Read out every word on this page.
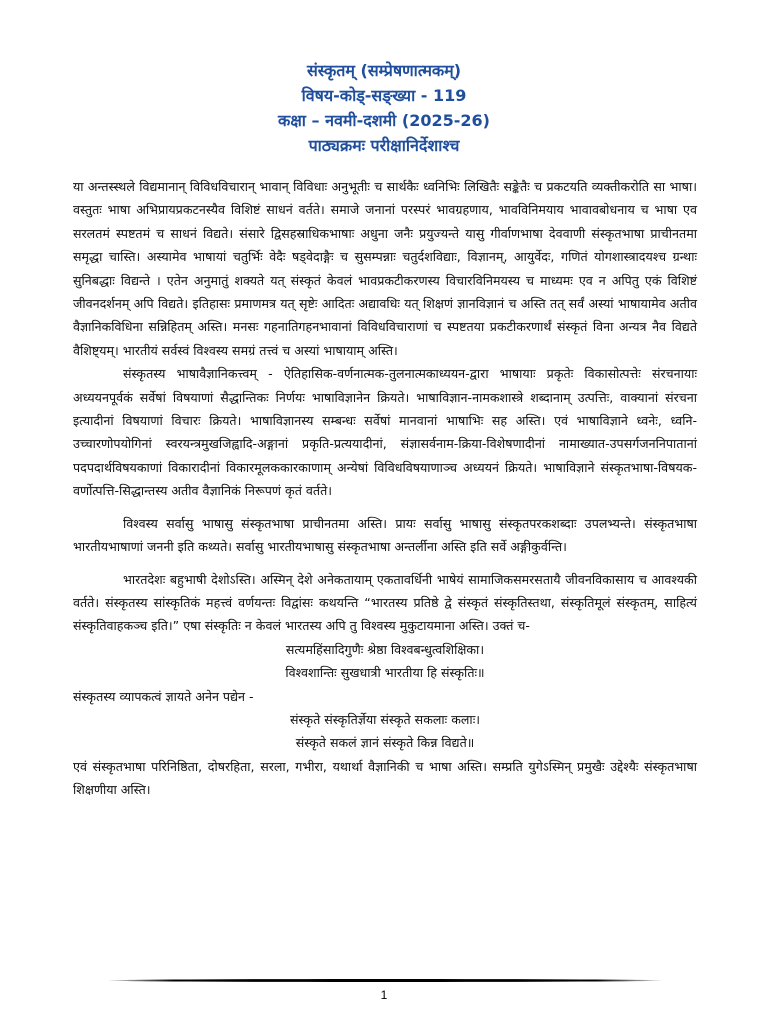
संस्कृतम् (सम्प्रेषणात्मकम्)
विषय-कोड्-सङ्ख्या - 119
कक्षा – नवमी-दशमी (2025-26)
पाठ्यक्रमः परीक्षानिर्देशाश्च

या अन्तस्स्थले विद्यमानान् विविधविचारान् भावान् विविधाः अनुभूतीः च सार्थकैः ध्वनिभिः लिखितैः सङ्केतैः च प्रकटयति व्यक्तीकरोति सा भाषा। वस्तुतः भाषा अभिप्रायप्रकटनस्यैव विशिष्टं साधनं वर्तते। समाजे जनानां परस्परं भावग्रहणाय, भावविनिमयाय भावावबोधनाय च भाषा एव सरलतमं स्पष्टतमं च साधनं विद्यते। संसारे द्विसहस्राधिकभाषाः अधुना जनैः प्रयुज्यन्ते यासु गीर्वाणभाषा देववाणी संस्कृतभाषा प्राचीनतमा समृद्धा चास्ति। अस्यामेव भाषायां चतुर्भिः वेदैः षड्वेदाङ्गैः च सुसम्पन्नाः चतुर्दशविद्याः, विज्ञानम्, आयुर्वेदः, गणितं योगशास्त्रादयश्च ग्रन्थाः सुनिबद्धाः विद्यन्ते । एतेन अनुमातुं शक्यते यत् संस्कृतं केवलं भावप्रकटीकरणस्य विचारविनिमयस्य च माध्यमः एव न अपितु एकं विशिष्टं जीवनदर्शनम् अपि विद्यते। इतिहासः प्रमाणमत्र यत् सृष्टेः आदितः अद्यावधिः यत् शिक्षणं ज्ञानविज्ञानं च अस्ति तत् सर्वं अस्यां भाषायामेव अतीव वैज्ञानिकविधिना सन्निहितम् अस्ति। मनसः गहनातिगहनभावानां विविधविचाराणां च स्पष्टतया प्रकटीकरणार्थं संस्कृतं विना अन्यत्र नैव विद्यते वैशिष्ट्यम्। भारतीयं सर्वस्वं विश्वस्य समग्रं तत्त्वं च अस्यां भाषायाम् अस्ति।

संस्कृतस्य भाषावैज्ञानिकत्त्वम् - ऐतिहासिक-वर्णनात्मक-तुलनात्मकाध्ययन-द्वारा भाषायाः प्रकृतेः विकासोत्पत्तेः संरचनायाः अध्ययनपूर्वकं सर्वेषां विषयाणां सैद्धान्तिकः निर्णयः भाषाविज्ञानेन क्रियते। भाषाविज्ञान-नामकशास्त्रे शब्दानाम् उत्पत्तिः, वाक्यानां संरचना इत्यादीनां विषयाणां विचारः क्रियते। भाषाविज्ञानस्य सम्बन्धः सर्वेषां मानवानां भाषाभिः सह अस्ति। एवं भाषाविज्ञाने ध्वनेः, ध्वनि-उच्चारणोपयोगिनां स्वरयन्त्रमुखजिह्वादि-अङ्गानां प्रकृति-प्रत्ययादीनां, संज्ञासर्वनाम-क्रिया-विशेषणादीनां नामाख्यात-उपसर्गजननिपातानां पदपदार्थविषयकाणां विकारादीनां विकारमूलककारकाणाम् अन्येषां विविधविषयाणाञ्च अध्ययनं क्रियते। भाषाविज्ञाने संस्कृतभाषा-विषयक-वर्णोत्पत्ति-सिद्धान्तस्य अतीव वैज्ञानिकं निरूपणं कृतं वर्तते।

विश्वस्य सर्वासु भाषासु संस्कृतभाषा प्राचीनतमा अस्ति। प्रायः सर्वासु भाषासु संस्कृतपरकशब्दाः उपलभ्यन्ते। संस्कृतभाषा भारतीयभाषाणां जननी इति कथ्यते। सर्वासु भारतीयभाषासु संस्कृतभाषा अन्तर्लीना अस्ति इति सर्वे अङ्गीकुर्वन्ति।

भारतदेशः बहुभाषी देशोऽस्ति। अस्मिन् देशे अनेकतायाम् एकतावर्धिनी भाषेयं सामाजिकसमरसतायै जीवनविकासाय च आवश्यकी वर्तते। संस्कृतस्य सांस्कृतिकं महत्त्वं वर्णयन्तः विद्वांसः कथयन्ति “भारतस्य प्रतिष्ठे द्वे संस्कृतं संस्कृतिस्तथा, संस्कृतिमूलं संस्कृतम्, साहित्यं संस्कृतिवाहकञ्च इति।” एषा संस्कृतिः न केवलं भारतस्य अपि तु विश्वस्य मुकुटायमाना अस्ति। उक्तं च-

सत्यमहिंसादिगुणैः श्रेष्ठा विश्वबन्धुत्वशिक्षिका।

विश्वशान्तिः सुखधात्री भारतीया हि संस्कृतिः॥

संस्कृतस्य व्यापकत्वं ज्ञायते अनेन पद्येन -

संस्कृते संस्कृतिर्ज्ञेया संस्कृते सकलाः कलाः।

संस्कृते सकलं ज्ञानं संस्कृते किन्न विद्यते॥

एवं संस्कृतभाषा परिनिष्ठिता, दोषरहिता, सरला, गभीरा, यथार्था वैज्ञानिकी च भाषा अस्ति। सम्प्रति युगेऽस्मिन् प्रमुखैः उद्देश्यैः संस्कृतभाषा शिक्षणीया अस्ति।

1
